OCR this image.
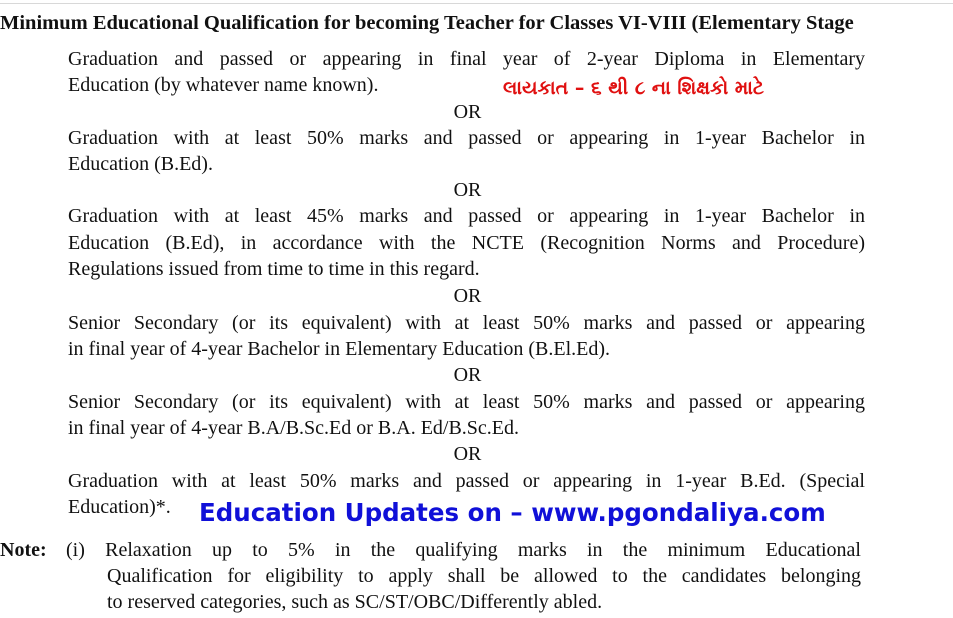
Minimum Educational Qualification for becoming Teacher for Classes VI-VIII (Elementary Stage
Graduation and passed or appearing in final year of 2-year Diploma in Elementary
Education (by whatever name known).	લાયકાત – ૬ થી ૮ ના શિક્ષકો માટે
OR
Graduation with at least 50% marks and passed or appearing in 1-year Bachelor in
Education (B.Ed).
OR
Graduation with at least 45% marks and passed or appearing in 1-year Bachelor in
Education (B.Ed), in accordance with the NCTE (Recognition Norms and Procedure)
Regulations issued from time to time in this regard.
OR
Senior Secondary (or its equivalent) with at least 50% marks and passed or appearing
in final year of 4-year Bachelor in Elementary Education (B.El.Ed).
OR
Senior Secondary (or its equivalent) with at least 50% marks and passed or appearing
in final year of 4-year B.A/B.Sc.Ed or B.A. Ed/B.Sc.Ed.
OR
Graduation with at least 50% marks and passed or appearing in 1-year B.Ed. (Special
Education)*.	Education Updates on – www.pgondaliya.com
Note: (i) Relaxation up to 5% in the qualifying marks in the minimum Educational
Qualification for eligibility to apply shall be allowed to the candidates belonging
to reserved categories, such as SC/ST/OBC/Differently abled.
